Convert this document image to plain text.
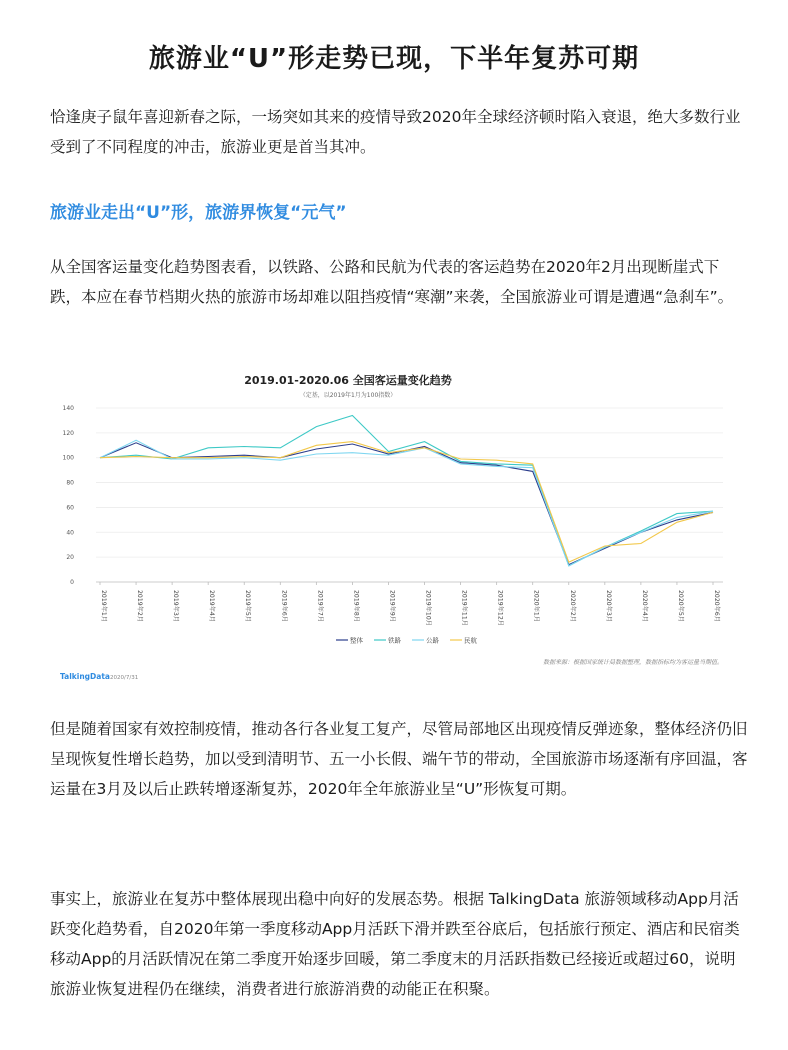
旅游业“U”形走势已现，下半年复苏可期

恰逢庚子鼠年喜迎新春之际，一场突如其来的疫情导致2020年全球经济顿时陷入衰退，绝大多数行业受到了不同程度的冲击，旅游业更是首当其冲。

旅游业走出“U”形，旅游界恢复“元气”

从全国客运量变化趋势图表看，以铁路、公路和民航为代表的客运趋势在2020年2月出现断崖式下跌，本应在春节档期火热的旅游市场却难以阻挡疫情“寒潮”来袭，全国旅游业可谓是遭遇“急刹车”。

2019.01-2020.06 全国客运量变化趋势
（定基，以2019年1月为100指数）
0
20
40
60
80
100
120
140
2019年1月	2019年2月	2019年3月	2019年4月	2019年5月	2019年6月	2019年7月	2019年8月	2019年9月	2019年10月	2019年11月	2019年12月	2020年1月	2020年2月	2020年3月	2020年4月	2020年5月	2020年6月
整体	铁路	公路	民航
数据来源：根据国家统计局数据整理，数据指标均为客运量当期值。
TalkingData 2020/7/31

但是随着国家有效控制疫情，推动各行各业复工复产，尽管局部地区出现疫情反弹迹象，整体经济仍旧呈现恢复性增长趋势，加以受到清明节、五一小长假、端午节的带动，全国旅游市场逐渐有序回温，客运量在3月及以后止跌转增逐渐复苏，2020年全年旅游业呈“U”形恢复可期。

事实上，旅游业在复苏中整体展现出稳中向好的发展态势。根据 TalkingData 旅游领域移动App月活跃变化趋势看，自2020年第一季度移动App月活跃下滑并跌至谷底后，包括旅行预定、酒店和民宿类移动App的月活跃情况在第二季度开始逐步回暖，第二季度末的月活跃指数已经接近或超过60，说明旅游业恢复进程仍在继续，消费者进行旅游消费的动能正在积聚。
